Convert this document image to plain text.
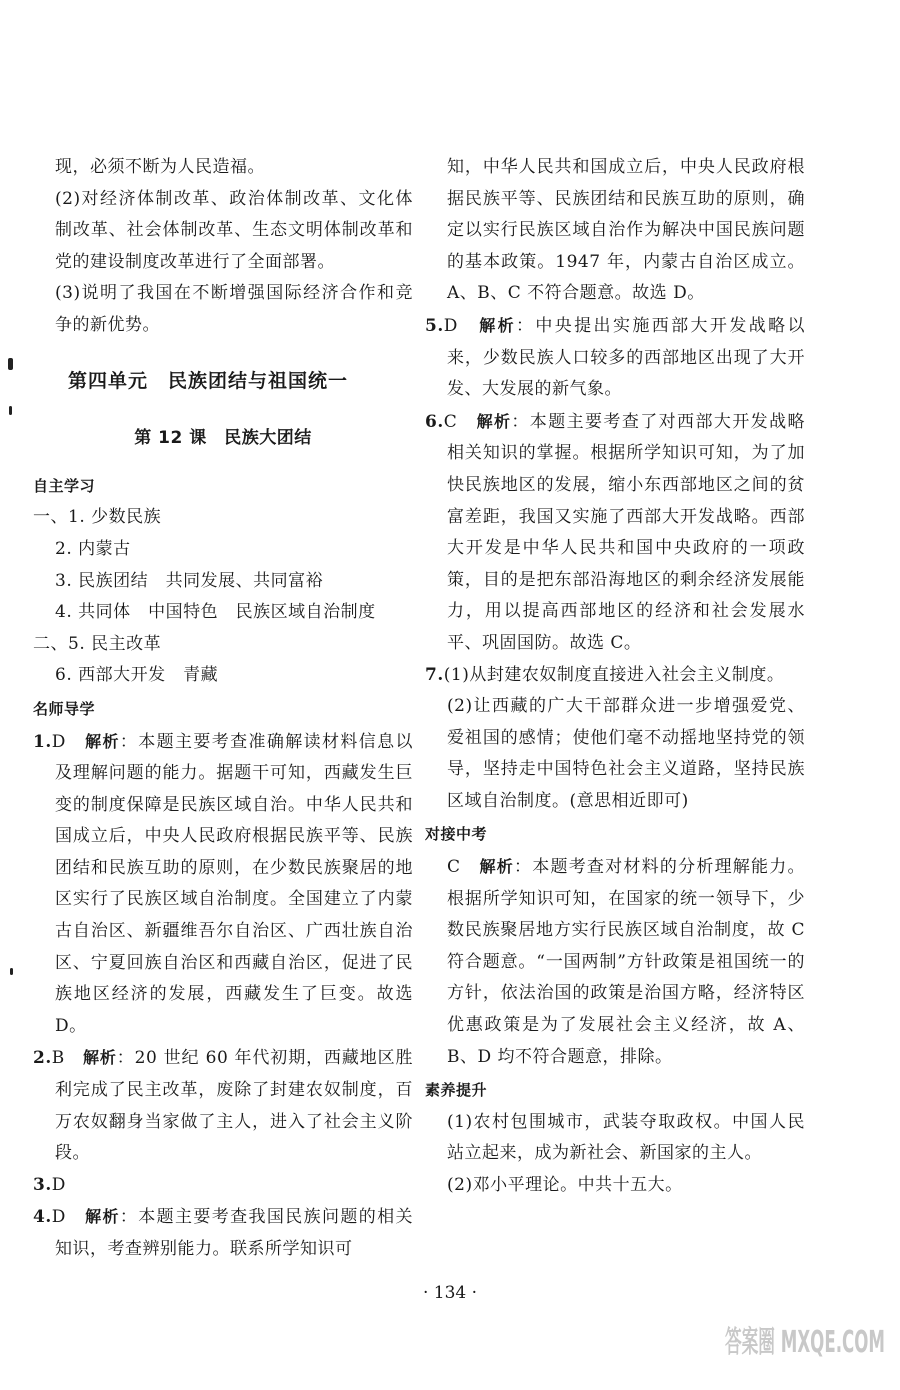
现，必须不断为人民造福。

(2)对经济体制改革、政治体制改革、文化体制改革、社会体制改革、生态文明体制改革和党的建设制度改革进行了全面部署。

(3)说明了我国在不断增强国际经济合作和竞争的新优势。

第四单元　民族团结与祖国统一

第 12 课　民族大团结

自主学习

一、1. 少数民族

2. 内蒙古

3. 民族团结　共同发展、共同富裕

4. 共同体　中国特色　民族区域自治制度

二、5. 民主改革

6. 西部大开发　青藏

名师导学

1.D　 解析：本题主要考查准确解读材料信息以及理解问题的能力。据题干可知，西藏发生巨变的制度保障是民族区域自治。中华人民共和国成立后，中央人民政府根据民族平等、民族团结和民族互助的原则，在少数民族聚居的地区实行了民族区域自治制度。全国建立了内蒙古自治区、新疆维吾尔自治区、广西壮族自治区、宁夏回族自治区和西藏自治区，促进了民族地区经济的发展，西藏发生了巨变。故选 D。

2.B　 解析：20 世纪 60 年代初期，西藏地区胜利完成了民主改革，废除了封建农奴制度，百万农奴翻身当家做了主人，进入了社会主义阶段。

3.D

4.D　 解析：本题主要考查我国民族问题的相关知识，考查辨别能力。联系所学知识可

知，中华人民共和国成立后，中央人民政府根据民族平等、民族团结和民族互助的原则，确定以实行民族区域自治作为解决中国民族问题的基本政策。1947 年，内蒙古自治区成立。A、B、C 不符合题意。故选 D。

5.D　 解析：中央提出实施西部大开发战略以来，少数民族人口较多的西部地区出现了大开发、大发展的新气象。

6.C　 解析：本题主要考查了对西部大开发战略相关知识的掌握。根据所学知识可知，为了加快民族地区的发展，缩小东西部地区之间的贫富差距，我国又实施了西部大开发战略。西部大开发是中华人民共和国中央政府的一项政策，目的是把东部沿海地区的剩余经济发展能力，用以提高西部地区的经济和社会发展水平、巩固国防。故选 C。

7.(1)从封建农奴制度直接进入社会主义制度。

(2)让西藏的广大干部群众进一步增强爱党、爱祖国的感情；使他们毫不动摇地坚持党的领导，坚持走中国特色社会主义道路，坚持民族区域自治制度。(意思相近即可)

对接中考

C　 解析：本题考查对材料的分析理解能力。根据所学知识可知，在国家的统一领导下，少数民族聚居地方实行民族区域自治制度，故 C 符合题意。“一国两制”方针政策是祖国统一的方针，依法治国的政策是治国方略，经济特区优惠政策是为了发展社会主义经济，故 A、B、D 均不符合题意，排除。

素养提升

(1)农村包围城市，武装夺取政权。中国人民站立起来，成为新社会、新国家的主人。

(2)邓小平理论。中共十五大。

· 134 ·
答案圈 MXQE.COM
